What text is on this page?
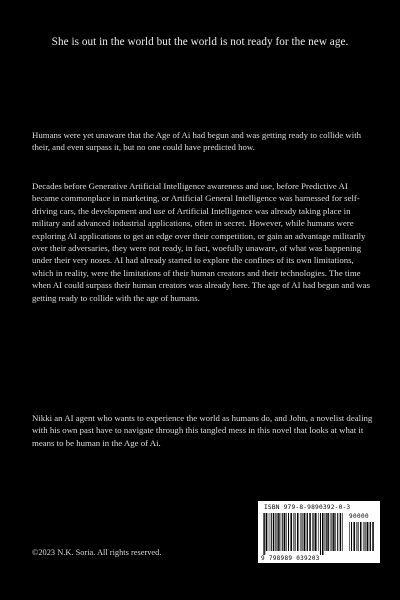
She is out in the world but the world is not ready for the new age.

Humans were yet unaware that the Age of Ai had begun and was getting ready to collide with their, and even surpass it, but no one could have predicted how.

Decades before Generative Artificial Intelligence awareness and use, before Predictive AI became commonplace in marketing, or Artificial General Intelligence was harnessed for self-driving cars, the development and use of Artificial Intelligence was already taking place in military and advanced industrial applications, often in secret. However, while humans were exploring AI applications to get an edge over their competition, or gain an advantage militarily over their adversaries, they were not ready, in fact, woefully unaware, of what was happening under their very noses. AI had already started to explore the confines of its own limitations, which in reality, were the limitations of their human creators and their technologies. The time when AI could surpass their human creators was already here. The age of AI had begun and was getting ready to collide with the age of humans.

Nikki an AI agent who wants to experience the world as humans do, and John, a novelist dealing with his own past have to navigate through this tangled mess in this novel that looks at what it means to be human in the Age of Ai.

©2023 N.K. Soria. All rights reserved.

ISBN 979-8-9890392-0-3
90000
9 798989 039203
